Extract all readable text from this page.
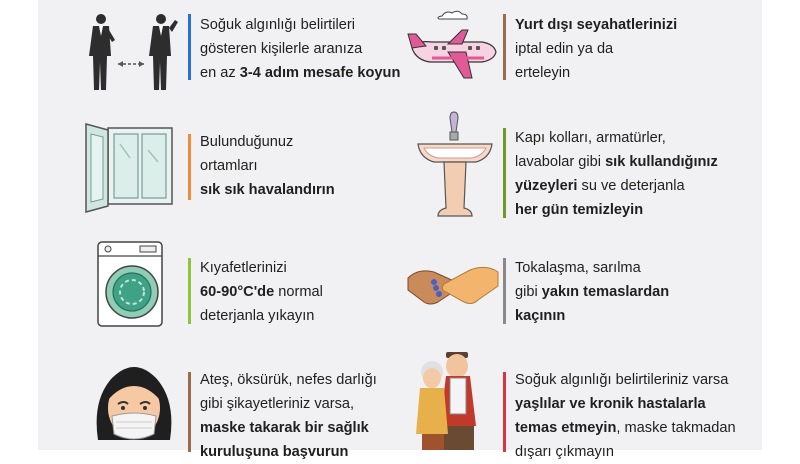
Soğuk algınlığı belirtileri
gösteren kişilerle aranıza
en az 3-4 adım mesafe koyun
Yurt dışı seyahatlerinizi
iptal edin ya da
erteleyin
Bulunduğunuz
ortamları
sık sık havalandırın
Kapı kolları, armatürler,
lavabolar gibi sık kullandığınız
yüzeyleri su ve deterjanla
her gün temizleyin
Kıyafetlerinizi
60-90°C'de normal
deterjanla yıkayın
Tokalaşma, sarılma
gibi yakın temaslardan
kaçının
Ateş, öksürük, nefes darlığı
gibi şikayetleriniz varsa,
maske takarak bir sağlık
kuruluşuna başvurun
Soğuk algınlığı belirtileriniz varsa
yaşlılar ve kronik hastalarla
temas etmeyin, maske takmadan
dışarı çıkmayın
